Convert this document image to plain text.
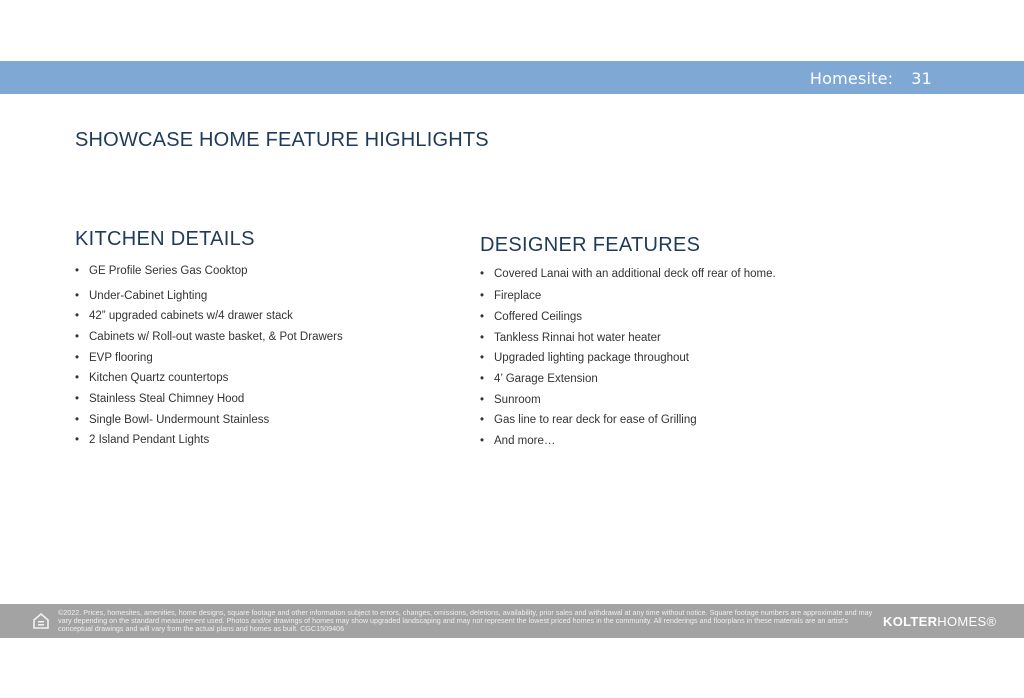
Homesite: 31
SHOWCASE HOME FEATURE HIGHLIGHTS
KITCHEN DETAILS
• GE Profile Series Gas Cooktop
• Under-Cabinet Lighting
• 42” upgraded cabinets w/4 drawer stack
• Cabinets w/ Roll-out waste basket, & Pot Drawers
• EVP flooring
• Kitchen Quartz countertops
• Stainless Steal Chimney Hood
• Single Bowl- Undermount Stainless
• 2 Island Pendant Lights
DESIGNER FEATURES
• Covered Lanai with an additional deck off rear of home.
• Fireplace
• Coffered Ceilings
• Tankless Rinnai hot water heater
• Upgraded lighting package throughout
• 4’ Garage Extension
• Sunroom
• Gas line to rear deck for ease of Grilling
• And more…
©2022. Prices, homesites, amenities, home designs, square footage and other information subject to errors, changes, omissions, deletions, availability, prior sales and withdrawal at any time without notice. Square footage numbers are approximate and may vary depending on the standard measurement used. Photos and/or drawings of homes may show upgraded landscaping and may not represent the lowest priced homes in the community. All renderings and floorplans in these materials are an artist's conceptual drawings and will vary from the actual plans and homes as built. CGC1509406	KOLTERHOMES®
